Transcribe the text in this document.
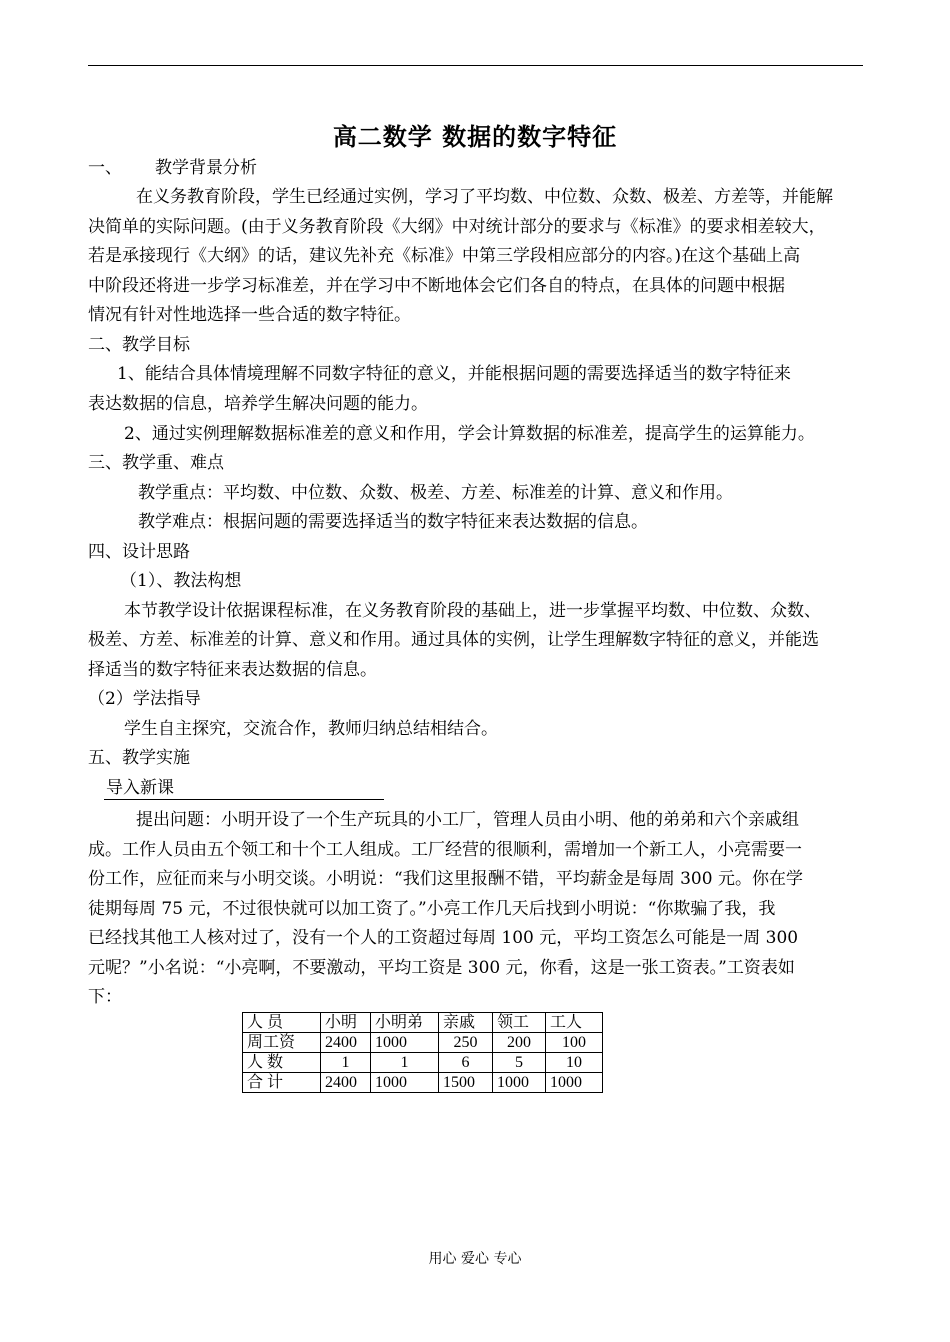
高二数学 数据的数字特征
一、 教学背景分析
在义务教育阶段，学生已经通过实例，学习了平均数、中位数、众数、极差、方差等，并能解
决简单的实际问题。(由于义务教育阶段《大纲》中对统计部分的要求与《标准》的要求相差较大，
若是承接现行《大纲》的话，建议先补充《标准》中第三学段相应部分的内容。)在这个基础上高
中阶段还将进一步学习标准差，并在学习中不断地体会它们各自的特点，在具体的问题中根据
情况有针对性地选择一些合适的数字特征。
二、教学目标
1、能结合具体情境理解不同数字特征的意义，并能根据问题的需要选择适当的数字特征来
表达数据的信息，培养学生解决问题的能力。
2、通过实例理解数据标准差的意义和作用，学会计算数据的标准差，提高学生的运算能力。
三、教学重、难点
教学重点：平均数、中位数、众数、极差、方差、标准差的计算、意义和作用。
教学难点：根据问题的需要选择适当的数字特征来表达数据的信息。
四、设计思路
（1）、教法构想
本节教学设计依据课程标准，在义务教育阶段的基础上，进一步掌握平均数、中位数、众数、
极差、方差、标准差的计算、意义和作用。通过具体的实例，让学生理解数字特征的意义，并能选
择适当的数字特征来表达数据的信息。
（2）学法指导
学生自主探究，交流合作，教师归纳总结相结合。
五、教学实施
导入新课
提出问题：小明开设了一个生产玩具的小工厂，管理人员由小明、他的弟弟和六个亲戚组
成。工作人员由五个领工和十个工人组成。工厂经营的很顺利，需增加一个新工人，小亮需要一
份工作，应征而来与小明交谈。小明说：“我们这里报酬不错，平均薪金是每周 300 元。你在学
徒期每周 75 元，不过很快就可以加工资了。”小亮工作几天后找到小明说：“你欺骗了我，我
已经找其他工人核对过了，没有一个人的工资超过每周 100 元，平均工资怎么可能是一周 300
元呢？”小名说：“小亮啊，不要激动，平均工资是 300 元，你看，这是一张工资表。”工资表如
下：
人 员	小明	小明弟	亲戚	领工	工人
周工资	2400	1000	250	200	100
人 数	1	1	6	5	10
合 计	2400	1000	1500	1000	1000
用心 爱心 专心
